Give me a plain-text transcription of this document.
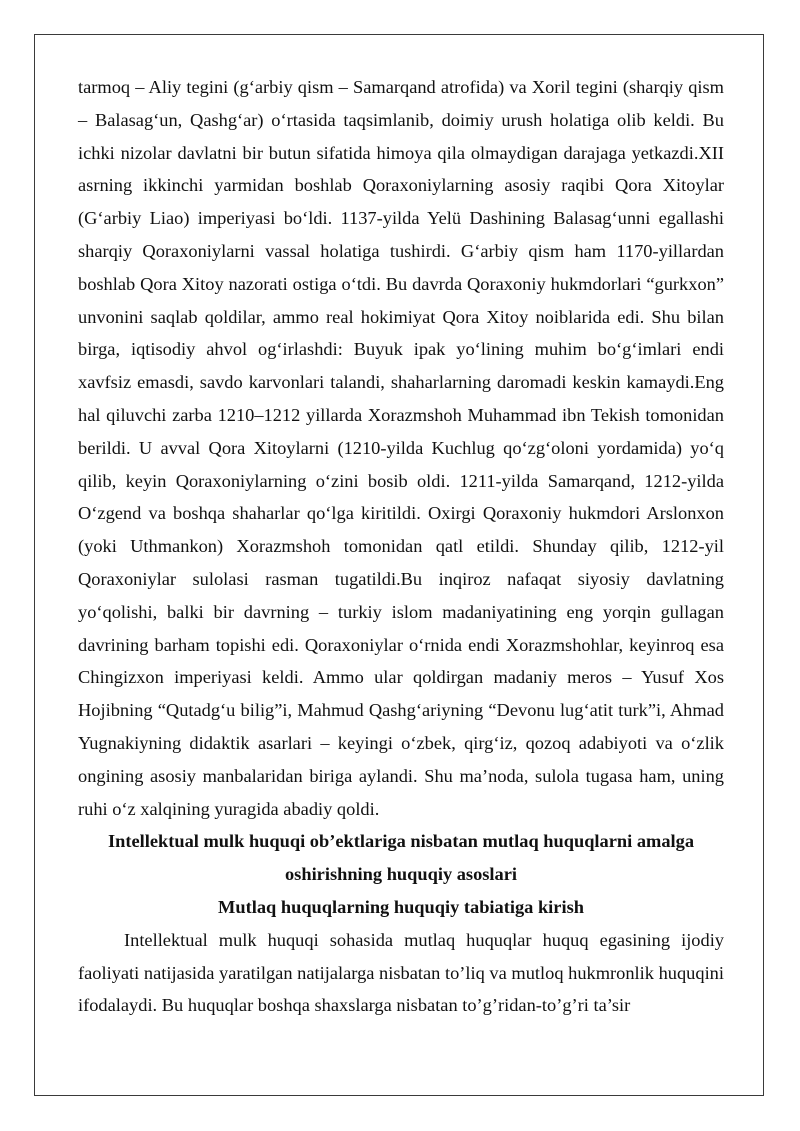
tarmoq – Aliy tegini (g‘arbiy qism – Samarqand atrofida) va Xoril tegini (sharqiy qism – Balasag‘un, Qashg‘ar) o‘rtasida taqsimlanib, doimiy urush holatiga olib keldi. Bu ichki nizolar davlatni bir butun sifatida himoya qila olmaydigan darajaga yetkazdi.XII asrning ikkinchi yarmidan boshlab Qoraxoniylarning asosiy raqibi Qora Xitoylar (G‘arbiy Liao) imperiyasi bo‘ldi. 1137-yilda Yelü Dashining Balasag‘unni egallashi sharqiy Qoraxoniylarni vassal holatiga tushirdi. G‘arbiy qism ham 1170-yillardan boshlab Qora Xitoy nazorati ostiga o‘tdi. Bu davrda Qoraxoniy hukmdorlari “gurkxon” unvonini saqlab qoldilar, ammo real hokimiyat Qora Xitoy noiblarida edi. Shu bilan birga, iqtisodiy ahvol og‘irlashdi: Buyuk ipak yo‘lining muhim bo‘g‘imlari endi xavfsiz emasdi, savdo karvonlari talandi, shaharlarning daromadi keskin kamaydi.Eng hal qiluvchi zarba 1210–1212 yillarda Xorazmshoh Muhammad ibn Tekish tomonidan berildi. U avval Qora Xitoylarni (1210-yilda Kuchlug qo‘zg‘oloni yordamida) yo‘q qilib, keyin Qoraxoniylarning o‘zini bosib oldi. 1211-yilda Samarqand, 1212-yilda O‘zgend va boshqa shaharlar qo‘lga kiritildi. Oxirgi Qoraxoniy hukmdori Arslonxon (yoki Uthmankon) Xorazmshoh tomonidan qatl etildi. Shunday qilib, 1212-yil Qoraxoniylar sulolasi rasman tugatildi.Bu inqiroz nafaqat siyosiy davlatning yo‘qolishi, balki bir davrning – turkiy islom madaniyatining eng yorqin gullagan davrining barham topishi edi. Qoraxoniylar o‘rnida endi Xorazmshohlar, keyinroq esa Chingizxon imperiyasi keldi. Ammo ular qoldirgan madaniy meros – Yusuf Xos Hojibning “Qutadg‘u bilig”i, Mahmud Qashg‘ariyning “Devonu lug‘atit turk”i, Ahmad Yugnakiyning didaktik asarlari – keyingi o‘zbek, qirg‘iz, qozoq adabiyoti va o‘zlik ongining asosiy manbalaridan biriga aylandi. Shu ma’noda, sulola tugasa ham, uning ruhi o‘z xalqining yuragida abadiy qoldi.

Intellektual mulk huquqi ob’ektlariga nisbatan mutlaq huquqlarni amalga oshirishning huquqiy asoslari
Mutlaq huquqlarning huquqiy tabiatiga kirish

Intellektual mulk huquqi sohasida mutlaq huquqlar huquq egasining ijodiy faoliyati natijasida yaratilgan natijalarga nisbatan to’liq va mutloq hukmronlik huquqini ifodalaydi. Bu huquqlar boshqa shaxslarga nisbatan to’g’ridan-to’g’ri ta’sir
